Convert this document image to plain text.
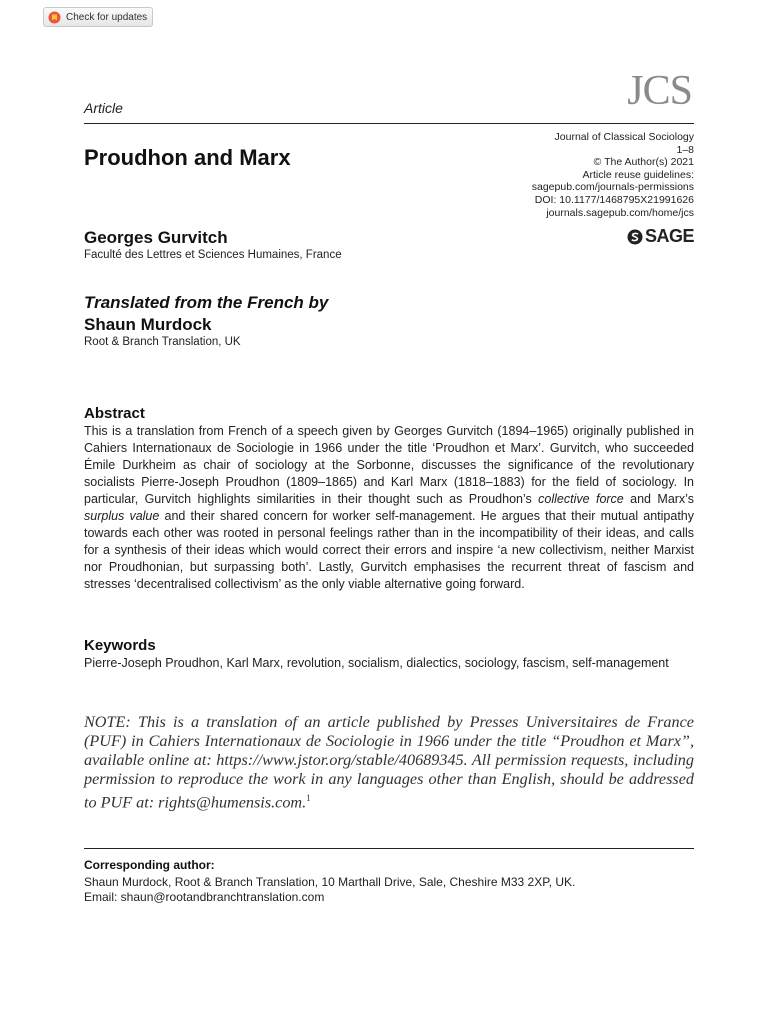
Check for updates
Article	JCS
Journal of Classical Sociology
1–8
© The Author(s) 2021
Article reuse guidelines:
sagepub.com/journals-permissions
DOI: 10.1177/1468795X21991626
journals.sagepub.com/home/jcs
Proudhon and Marx
SAGE
Georges Gurvitch
Faculté des Lettres et Sciences Humaines, France
Translated from the French by
Shaun Murdock
Root & Branch Translation, UK
Abstract

This is a translation from French of a speech given by Georges Gurvitch (1894–1965) originally published in Cahiers Internationaux de Sociologie in 1966 under the title ‘Proudhon et Marx’. Gurvitch, who succeeded Émile Durkheim as chair of sociology at the Sorbonne, discusses the significance of the revolutionary socialists Pierre-Joseph Proudhon (1809–1865) and Karl Marx (1818–1883) for the field of sociology. In particular, Gurvitch highlights similarities in their thought such as Proudhon’s collective force and Marx’s surplus value and their shared concern for worker self-management. He argues that their mutual antipathy towards each other was rooted in personal feelings rather than in the incompatibility of their ideas, and calls for a synthesis of their ideas which would correct their errors and inspire ‘a new collectivism, neither Marxist nor Proudhonian, but surpassing both’. Lastly, Gurvitch emphasises the recurrent threat of fascism and stresses ‘decentralised collectivism’ as the only viable alternative going forward.

Keywords
Pierre-Joseph Proudhon, Karl Marx, revolution, socialism, dialectics, sociology, fascism, self-management
NOTE: This is a translation of an article published by Presses Universitaires de France (PUF) in Cahiers Internationaux de Sociologie in 1966 under the title “Proudhon et Marx”, available online at: https://www.jstor.org/stable/40689345. All permission requests, including permission to reproduce the work in any languages other than English, should be addressed to PUF at: rights@humensis.com.$^1$
Corresponding author:
Shaun Murdock, Root & Branch Translation, 10 Marthall Drive, Sale, Cheshire M33 2XP, UK.
Email: shaun@rootandbranchtranslation.com
